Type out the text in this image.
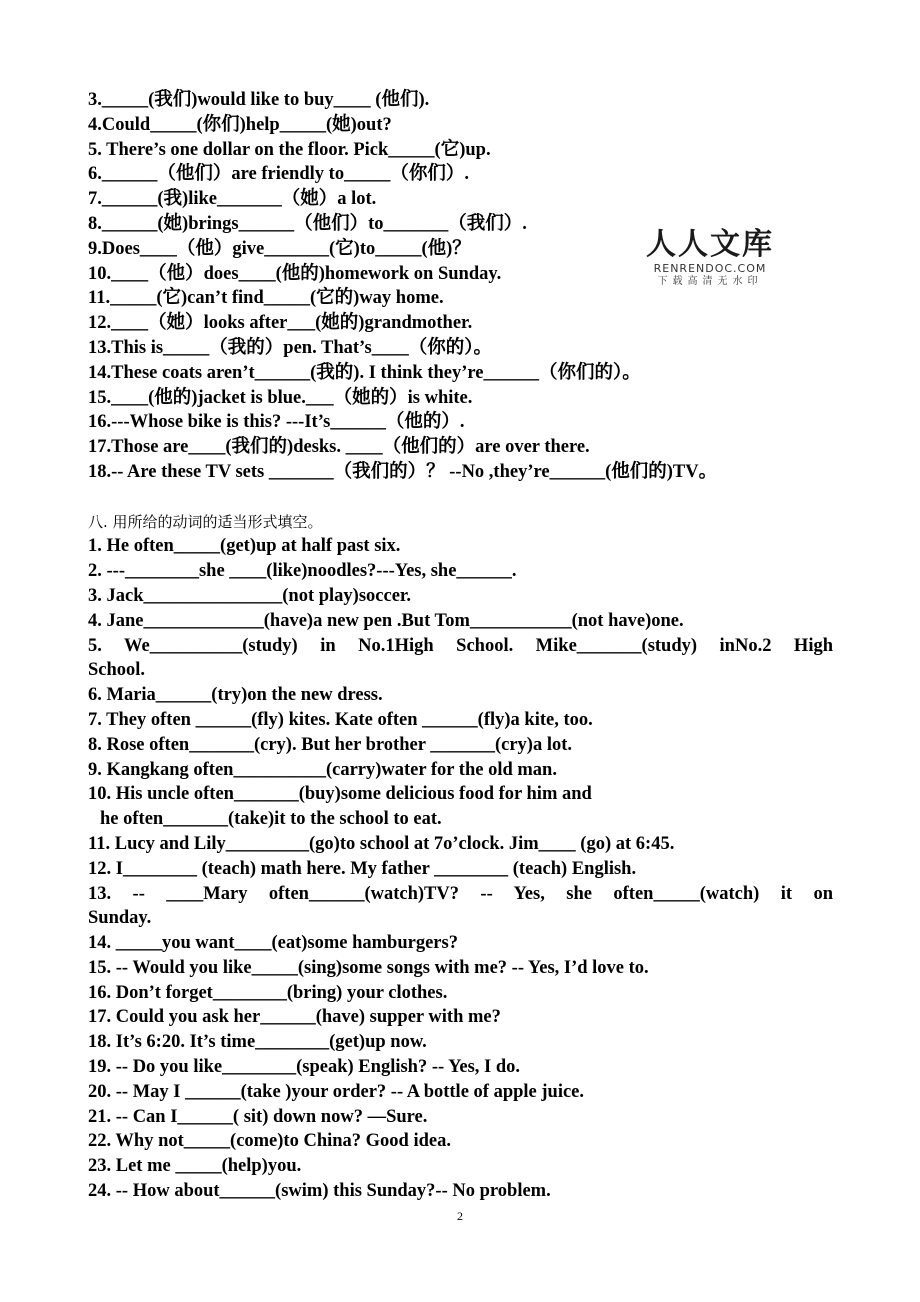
人人文库
RENRENDOC.COM
下载高清无水印
3._____(我们)would like to buy____ (他们).
4.Could_____(你们)help_____(她)out?
5. There’s one dollar on the floor. Pick_____(它)up.
6.______（他们）are friendly to_____（你们）.
7.______(我)like_______（她）a lot.
8.______(她)brings______（他们）to_______（我们）.
9.Does____（他）give_______(它)to_____(他)？
10.____（他）does____(他的)homework on Sunday.
11._____(它)can’t find_____(它的)way home.
12.____（她）looks after___(她的)grandmother.
13.This is_____（我的）pen. That’s____（你的）。
14.These coats aren’t______(我的). I think they’re______（你们的）。
15.____(他的)jacket is blue.___（她的）is white.
16.---Whose bike is this? ---It’s______（他的）.
17.Those are____(我们的)desks. ____（他们的）are over there.
18.-- Are these TV sets _______（我们的）？ --No ,they’re______(他们的)TV。
八. 用所给的动词的适当形式填空。
1. He often_____(get)up at half past six.
2. ---________she ____(like)noodles?---Yes, she______.
3. Jack_______________(not play)soccer.
4. Jane_____________(have)a new pen .But Tom___________(not have)one.
5. We__________(study) in No.1High School. Mike_______(study) inNo.2 High
School.
6. Maria______(try)on the new dress.
7. They often ______(fly) kites. Kate often ______(fly)a kite, too.
8. Rose often_______(cry). But her brother _______(cry)a lot.
9. Kangkang often__________(carry)water for the old man.
10. His uncle often_______(buy)some delicious food for him and
he often_______(take)it to the school to eat.
11. Lucy and Lily_________(go)to school at 7o’clock. Jim____ (go) at 6:45.
12. I________ (teach) math here. My father ________ (teach) English.
13. -- ____Mary often______(watch)TV? -- Yes, she often_____(watch) it on
Sunday.
14. _____you want____(eat)some hamburgers?
15. -- Would you like_____(sing)some songs with me? -- Yes, I’d love to.
16. Don’t forget________(bring) your clothes.
17. Could you ask her______(have) supper with me?
18. It’s 6:20. It’s time________(get)up now.
19. -- Do you like________(speak) English? -- Yes, I do.
20. -- May I ______(take )your order? -- A bottle of apple juice.
21. -- Can I______( sit) down now? —Sure.
22. Why not_____(come)to China? Good idea.
23. Let me _____(help)you.
24. -- How about______(swim) this Sunday?-- No problem.
2
